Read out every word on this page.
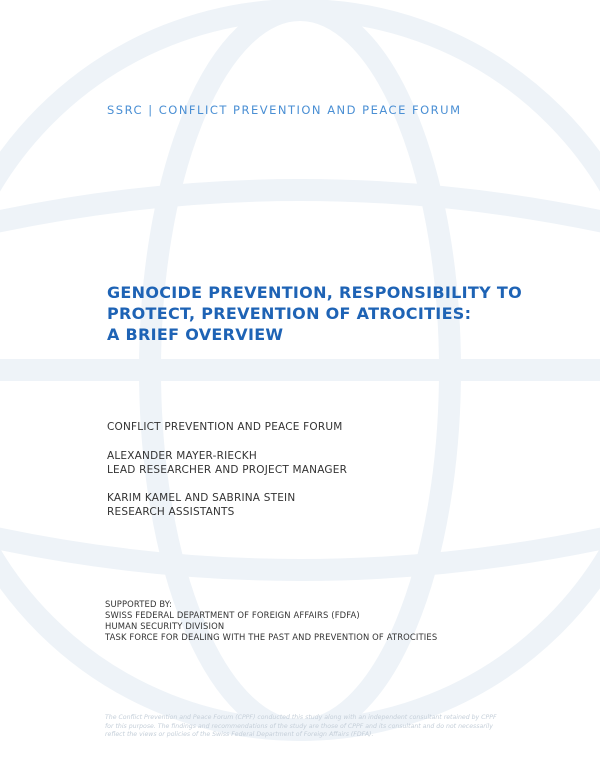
SSRC | CONFLICT PREVENTION AND PEACE FORUM
GENOCIDE PREVENTION, RESPONSIBILITY TO
PROTECT, PREVENTION OF ATROCITIES:
A BRIEF OVERVIEW
CONFLICT PREVENTION AND PEACE FORUM
ALEXANDER MAYER-RIECKH
LEAD RESEARCHER AND PROJECT MANAGER
KARIM KAMEL AND SABRINA STEIN
RESEARCH ASSISTANTS
SUPPORTED BY:
SWISS FEDERAL DEPARTMENT OF FOREIGN AFFAIRS (FDFA)
HUMAN SECURITY DIVISION
TASK FORCE FOR DEALING WITH THE PAST AND PREVENTION OF ATROCITIES
The Conflict Prevention and Peace Forum (CPPF) conducted this study along with an independent consultant retained by CPPF for this purpose. The findings and recommendations of the study are those of CPPF and its consultant and do not necessarily reflect the views or policies of the Swiss Federal Department of Foreign Affairs (FDFA).
